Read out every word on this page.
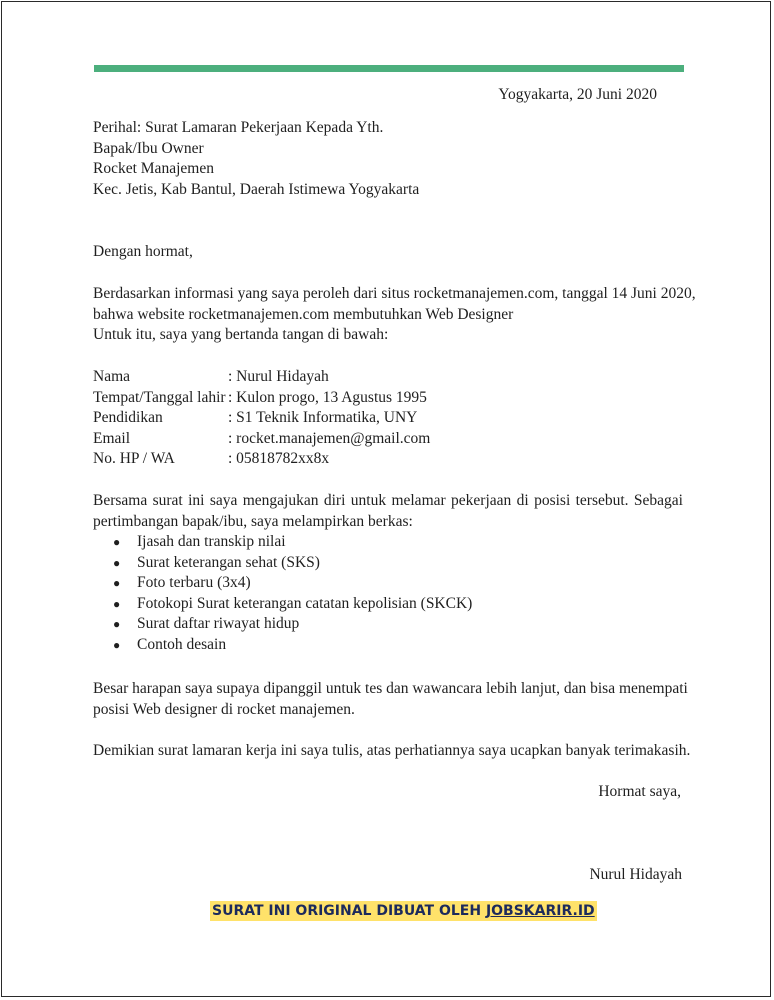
Yogyakarta, 20 Juni 2020
Perihal: Surat Lamaran Pekerjaan Kepada Yth.
Bapak/Ibu Owner
Rocket Manajemen
Kec. Jetis, Kab Bantul, Daerah Istimewa Yogyakarta
Dengan hormat,
Berdasarkan informasi yang saya peroleh dari situs rocketmanajemen.com, tanggal 14 Juni 2020,
bahwa website rocketmanajemen.com membutuhkan Web Designer
Untuk itu, saya yang bertanda tangan di bawah:
Nama	: Nurul Hidayah
Tempat/Tanggal lahir : Kulon progo, 13 Agustus 1995
Pendidikan	: S1 Teknik Informatika, UNY
Email	: rocket.manajemen@gmail.com
No. HP / WA	: 05818782xx8x
Bersama surat ini saya mengajukan diri untuk melamar pekerjaan di posisi tersebut. Sebagai
pertimbangan bapak/ibu, saya melampirkan berkas:
● Ijasah dan transkip nilai
● Surat keterangan sehat (SKS)
● Foto terbaru (3x4)
● Fotokopi Surat keterangan catatan kepolisian (SKCK)
● Surat daftar riwayat hidup
● Contoh desain
Besar harapan saya supaya dipanggil untuk tes dan wawancara lebih lanjut, dan bisa menempati
posisi Web designer di rocket manajemen.
Demikian surat lamaran kerja ini saya tulis, atas perhatiannya saya ucapkan banyak terimakasih.
Hormat saya,
Nurul Hidayah
SURAT INI ORIGINAL DIBUAT OLEH JOBSKARIR.ID
